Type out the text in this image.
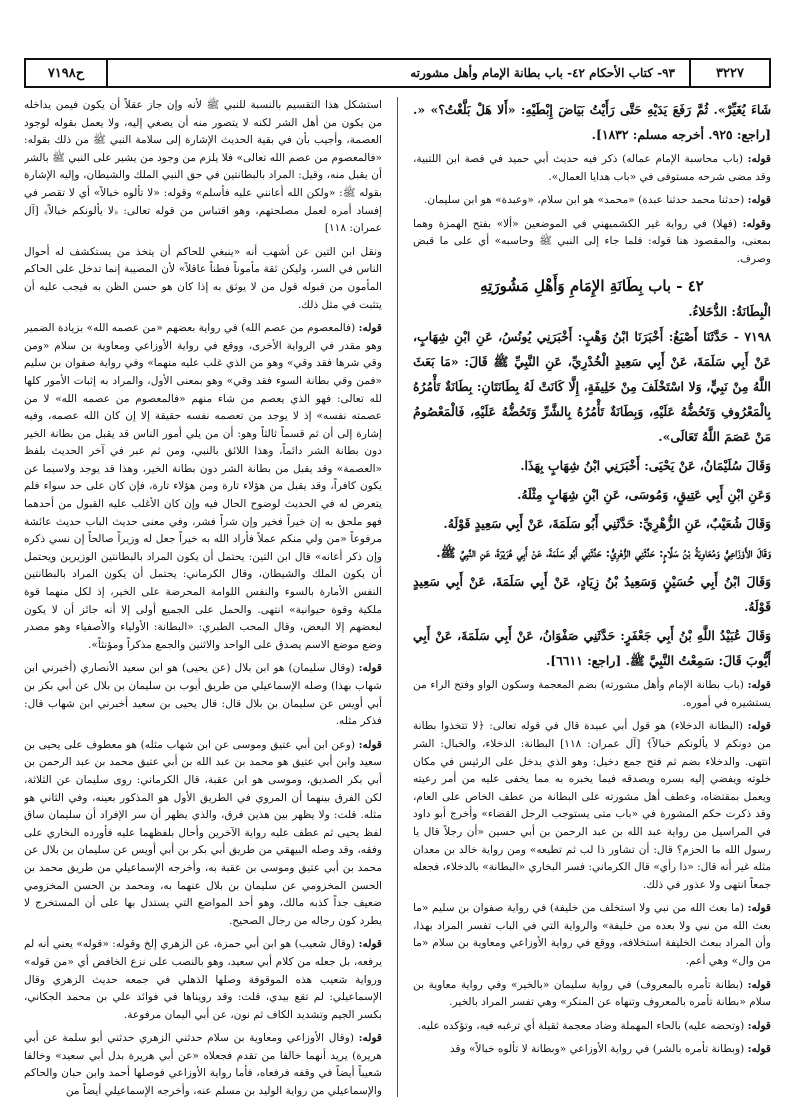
٣٢٢٧
٩٣- كتاب الأحكام ٤٢- باب بطانة الإمام وأهل مشورته
ح٧١٩٨

شَاءَ يُغَيِّرْ». ثُمَّ رَفَعَ يَدَيْهِ حَتَّى رَأَيْتُ بَيَاضَ إِبْطَيْهِ: «أَلا هَلْ بَلَّغْتُ؟» «. [راجع: ٩٢٥. أخرجه مسلم: ١٨٣٢].

قوله: (باب محاسبة الإمام عماله) ذكر فيه حديث أبي حميد في قصة ابن اللتبية، وقد مضى شرحه مستوفى في «باب هدايا العمال».

قوله: (حدثنا محمد حدثنا عبدة) «محمد» هو ابن سلام، «وعبدة» هو ابن سليمان.

وقوله: (فهلا) في رواية غير الكشميهني في الموضعين «ألا» بفتح الهمزة وهما بمعنى، والمقصود هنا قوله: فلما جاء إلى النبي ﷺ وحاسبه» أي على ما قبض وصرف.

٤٢ - باب بِطَانَةِ الإِمَامِ وَأَهْلِ مَشُورَتِهِ

الْبِطَانَةُ: الدُّخَلاءُ.

٧١٩٨ - حَدَّثَنَا أَصْبَغُ: أَخْبَرَنَا ابْنُ وَهْبٍ: أَخْبَرَنِي يُونُسُ، عَنِ ابْنِ شِهَابٍ، عَنْ أَبِي سَلَمَةَ، عَنْ أَبِي سَعِيدٍ الْخُدْرِيِّ، عَنِ النَّبِيِّ ﷺ قَالَ: «مَا بَعَثَ اللَّهُ مِنْ نَبِيٍّ، وَلا اسْتَخْلَفَ مِنْ خَلِيفَةٍ، إِلَّا كَانَتْ لَهُ بِطَانَتَانِ: بِطَانَةٌ تَأْمُرُهُ بِالْمَعْرُوفِ وَتَحُضُّهُ عَلَيْهِ، وَبِطَانَةٌ تَأْمُرُهُ بِالشَّرِّ وَتَحُضُّهُ عَلَيْهِ، فَالْمَعْصُومُ مَنْ عَصَمَ اللَّهُ تَعَالَى».

وَقَالَ سُلَيْمَانُ، عَنْ يَحْيَى: أَخْبَرَنِي ابْنُ شِهَابٍ بِهَذَا.

وَعَنِ ابْنِ أَبِي عَتِيقٍ، وَمُوسَى، عَنِ ابْنِ شِهَابٍ مِثْلَهُ.

وَقَالَ شُعَيْبٌ، عَنِ الزُّهْرِيِّ: حَدَّثَنِي أَبُو سَلَمَةَ، عَنْ أَبِي سَعِيدٍ قَوْلَهُ.

وَقَالَ الأَوْزَاعِيُّ وَمُعَاوِيَةُ بْنُ سَلَّامٍ: حَدَّثَنِي الزُّهْرِيُّ: حَدَّثَنِي أَبُو سَلَمَةَ، عَنْ أَبِي هُرَيْرَةَ، عَنِ النَّبِيِّ ﷺ.

وَقَالَ ابْنُ أَبِي حُسَيْنٍ وَسَعِيدُ بْنُ زِيَادٍ، عَنْ أَبِي سَلَمَةَ، عَنْ أَبِي سَعِيدٍ قَوْلَهُ.

وَقَالَ عُبَيْدُ اللَّهِ بْنُ أَبِي جَعْفَرٍ: حَدَّثَنِي صَفْوَانُ، عَنْ أَبِي سَلَمَةَ، عَنْ أَبِي أَيُّوبَ قَالَ: سَمِعْتُ النَّبِيَّ ﷺ. [راجع: ٦٦١١].

قوله: (باب بطانة الإمام وأهل مشورته) بضم المعجمة وسكون الواو وفتح الراء من يستشيره في أموره.

قوله: (البطانة الدخلاء) هو قول أبي عبيدة قال في قوله تعالى: ﴿لا تتخذوا بطانة من دونكم لا يألونكم خبالاً﴾ [آل عمران: ١١٨] البطانة: الدخلاء، والخبال: الشر انتهى. والدخلاء بضم ثم فتح جمع دخيل: وهو الذي يدخل على الرئيس في مكان خلوته ويفضي إليه بسره ويصدقه فيما يخبره به مما يخفى عليه من أمر رعيته ويعمل بمقتضاه، وعطف أهل مشورته على البطانة من عطف الخاص على العام، وقد ذكرت حكم المشورة في «باب متى يستوجب الرجل القضاء» وأخرج أبو داود في المراسيل من رواية عبد الله بن عبد الرحمن بن أبي حسين «أن رجلاً قال يا رسول الله ما الحزم؟ قال: أن تشاور ذا لب ثم تطيعه» ومن رواية خالد بن معدان مثله غير أنه قال: «ذا رأي» قال الكرماني: فسر البخاري «البطانة» بالدخلاء، فجعله جمعاً انتهى ولا عذور في ذلك.

قوله: (ما بعث الله من نبي ولا استخلف من خليفة) في رواية صفوان بن سليم «ما بعث الله من نبي ولا بعده من خليفة» والرواية التي في الباب تفسر المراد بهذا، وأن المراد ببعث الخليفة استخلافه، ووقع في رواية الأوزاعي ومعاوية بن سلام «ما من وال» وهي أعم.

قوله: (بطانة تأمره بالمعروف) في رواية سليمان «بالخير» وفي رواية معاوية بن سلام «بطانة تأمره بالمعروف وتنهاه عن المنكر» وهي تفسر المراد بالخير.

قوله: (وتحضه عليه) بالحاء المهملة وضاد معجمة ثقيلة أي ترغبه فيه، وتؤكده عليه.

قوله: (وبطانة تأمره بالشر) في رواية الأوزاعي «وبطانة لا تألوه خبالاً» وقد

استشكل هذا التقسيم بالنسبة للنبي ﷺ لأنه وإن جاز عقلاً أن يكون فيمن يداخله من يكون من أهل الشر لكنه لا يتصور منه أن يصغي إليه، ولا يعمل بقوله لوجود العصمة، وأجيب بأن في بقية الحديث الإشارة إلى سلامة النبي ﷺ من ذلك بقوله: «فالمعصوم من عصم الله تعالى» فلا يلزم من وجود من يشير على النبي ﷺ بالشر أن يقبل منه، وقيل: المراد بالبطانتين في حق النبي الملك والشيطان، وإليه الإشارة بقوله ﷺ: «ولكن الله أعانني عليه فأسلم» وقوله: «لا تألوه خبالاً» أي لا تقصر في إفساد أمره لعمل مصلحتهم، وهو اقتباس من قوله تعالى: ﴿لا يألونكم خبالاً﴾ [آل عمران: ١١٨]

ونقل ابن التين عن أشهب أنه «ينبغي للحاكم أن يتخذ من يستكشف له أحوال الناس في السر، وليكن ثقة مأموناً فطناً عاقلاً» لأن المصيبة إنما تدخل على الحاكم المأمون من قبوله قول من لا يوثق به إذا كان هو حسن الظن به فيجب عليه أن يتثبت في مثل ذلك.

قوله: (فالمعصوم من عصم الله) في رواية بعضهم «من عصمه الله» بزيادة الضمير وهو مقدر في الرواية الأخرى، ووقع في رواية الأوزاعي ومعاوية بن سلام «ومن وقي شرها فقد وقي» وهو من الذي غلب عليه منهما» وفي رواية صفوان بن سليم «فمن وقي بطانة السوء فقد وقي» وهو بمعنى الأول، والمراد به إثبات الأمور كلها لله تعالى: فهو الذي يعصم من شاء منهم «فالمعصوم من عصمه الله» لا من عصمته نفسه» إذ لا يوجد من تعصمه نفسه حقيقة إلا إن كان الله عصمه، وفيه إشارة إلى أن ثم قسماً ثالثاً وهو: أن من يلي أمور الناس قد يقبل من بطانة الخير دون بطانة الشر دائماً، وهذا اللائق بالنبي، ومن ثم عبر في آخر الحديث بلفظ «العصمة» وقد يقبل من بطانة الشر دون بطانة الخير، وهذا قد يوجد ولاسيما عن يكون كافراً، وقد يقبل من هؤلاء تارة ومن هؤلاء تارة، فإن كان على حد سواء فلم يتعرض له في الحديث لوضوح الحال فيه وإن كان الأغلب عليه القبول من أحدهما فهو ملحق به إن خيراً فخير وإن شراً فشر، وفي معنى حديث الباب حديث عائشة مرفوعاً «من ولي منكم عملاً فأراد الله به خيراً جعل له وزيراً صالحاً إن نسي ذكره وإن ذكر أعانه» قال ابن التين: يحتمل أن يكون المراد بالبطانتين الوزيرين ويحتمل أن يكون الملك والشيطان، وقال الكرماني: يحتمل أن يكون المراد بالبطانتين النفس الأمارة بالسوء والنفس اللوامة المحرضة على الخير، إذ لكل منهما قوة ملكية وقوة حيوانية» انتهى. والحمل على الجميع أولى إلا أنه جائز أن لا يكون لبعضهم إلا البعض، وقال المحب الطبري: «البطانة: الأولياء والأصفياء وهو مصدر وضع موضع الاسم يصدق على الواحد والاثنين والجمع مذكراً ومؤنثاً».

قوله: (وقال سليمان) هو ابن بلال (عن يحيى) هو ابن سعيد الأنصاري (أخبرني ابن شهاب بهذا) وصله الإسماعيلي من طريق أيوب بن سليمان بن بلال عن أبي بكر بن أبي أويس عن سليمان بن بلال قال: قال يحيى بن سعيد أخبرني ابن شهاب قال: فذكر مثله.

قوله: (وعن ابن أبي عتيق وموسى عن ابن شهاب مثله) هو معطوف على يحيى بن سعيد وابن أبي عتيق هو محمد بن عبد الله بن أبي عتيق محمد بن عبد الرحمن بن أبي بكر الصديق، وموسى هو ابن عقبة، قال الكرماني: روى سليمان عن الثلاثة، لكن الفرق بينهما أن المروي في الطريق الأول هو المذكور بعينه، وفي الثاني هو مثله. قلت: ولا يظهر بين هذين فرق، والذي يظهر أن سر الإفراد أن سليمان ساق لفظ يحيى ثم عطف عليه رواية الآخرين وأحال بلفظهما عليه فأورده البخاري على وفقه، وقد وصله البيهقي من طريق أبي بكر بن أبي أويس عن سليمان بن بلال عن محمد بن أبي عتيق وموسى بن عقبة به، وأخرجه الإسماعيلي من طريق محمد بن الحسن المخزومي عن سليمان بن بلال عنهما به، ومحمد بن الحسن المخزومي ضعيف جداً كذبه مالك، وهو أحد المواضع التي يستدل بها على أن المستخرج لا يطرد كون رجاله من رجال الصحيح.

قوله: (وقال شعيب) هو ابن أبي حمزة، عن الزهري إلخ وقوله: «قوله» يعني أنه لم يرفعه، بل جعله من كلام أبي سعيد، وهو بالنصب على نزع الخافض أي «من قوله» ورواية شعيب هذه الموقوفة وصلها الذهلي في جمعه حديث الزهري وقال الإسماعيلي: لم تقع بيدي، قلت: وقد رويناها في فوائد علي بن محمد الجكاني، بكسر الجيم وتشديد الكاف ثم نون، عن أبي اليمان مرفوعة.

قوله: (وقال الأوزاعي ومعاوية بن سلام حدثني الزهري حدثني أبو سلمة عن أبي هريرة) يريد أنهما خالفا من تقدم فجعلاه «عن أبي هريرة بدل أبي سعيد» وخالفا شعيباً أيضاً في وقفه فرفعاه، فأما رواية الأوزاعي فوصلها أحمد وابن حبان والحاكم والإسماعيلي من رواية الوليد بن مسلم عنه، وأخرجه الإسماعيلي أيضاً من
